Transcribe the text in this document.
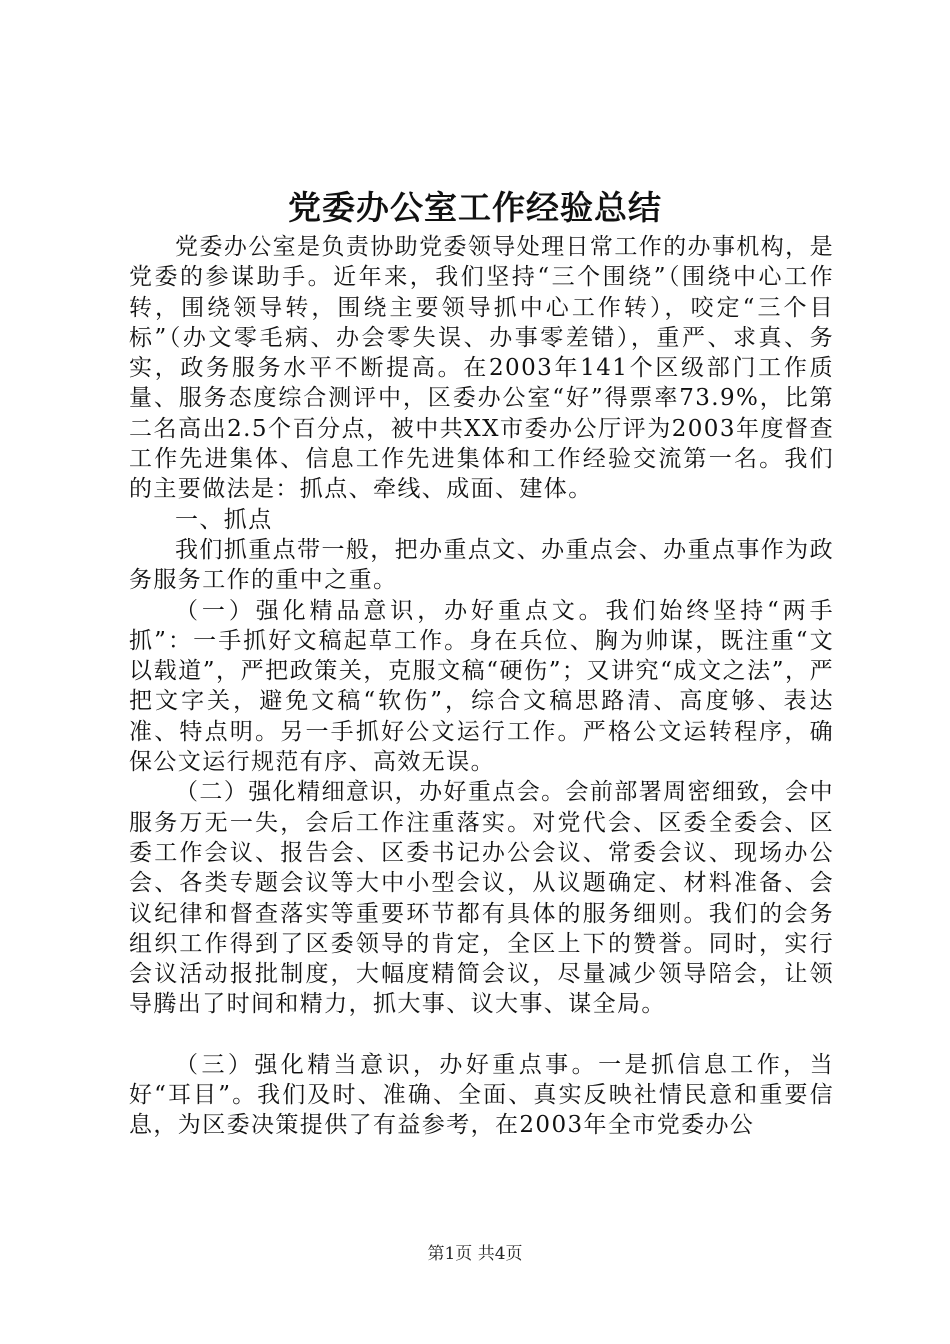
党委办公室工作经验总结

党委办公室是负责协助党委领导处理日常工作的办事机构，是党委的参谋助手。近年来，我们坚持“三个围绕”（围绕中心工作转，围绕领导转，围绕主要领导抓中心工作转），咬定“三个目标”（办文零毛病、办会零失误、办事零差错），重严、求真、务实，政务服务水平不断提高。在2003年141个区级部门工作质量、服务态度综合测评中，区委办公室“好”得票率73.9%，比第二名高出2.5个百分点，被中共XX市委办公厅评为2003年度督查工作先进集体、信息工作先进集体和工作经验交流第一名。我们的主要做法是：抓点、牵线、成面、建体。

一、抓点

我们抓重点带一般，把办重点文、办重点会、办重点事作为政务服务工作的重中之重。

（一）强化精品意识，办好重点文。我们始终坚持“两手抓”：一手抓好文稿起草工作。身在兵位、胸为帅谋，既注重“文以载道”，严把政策关，克服文稿“硬伤”；又讲究“成文之法”，严把文字关，避免文稿“软伤”，综合文稿思路清、高度够、表达准、特点明。另一手抓好公文运行工作。严格公文运转程序，确保公文运行规范有序、高效无误。

（二）强化精细意识，办好重点会。会前部署周密细致，会中服务万无一失，会后工作注重落实。对党代会、区委全委会、区委工作会议、报告会、区委书记办公会议、常委会议、现场办公会、各类专题会议等大中小型会议，从议题确定、材料准备、会议纪律和督查落实等重要环节都有具体的服务细则。我们的会务组织工作得到了区委领导的肯定，全区上下的赞誉。同时，实行会议活动报批制度，大幅度精简会议，尽量减少领导陪会，让领导腾出了时间和精力，抓大事、议大事、谋全局。

（三）强化精当意识，办好重点事。一是抓信息工作，当好“耳目”。我们及时、准确、全面、真实反映社情民意和重要信息，为区委决策提供了有益参考，在2003年全市党委办公

第1页 共4页
